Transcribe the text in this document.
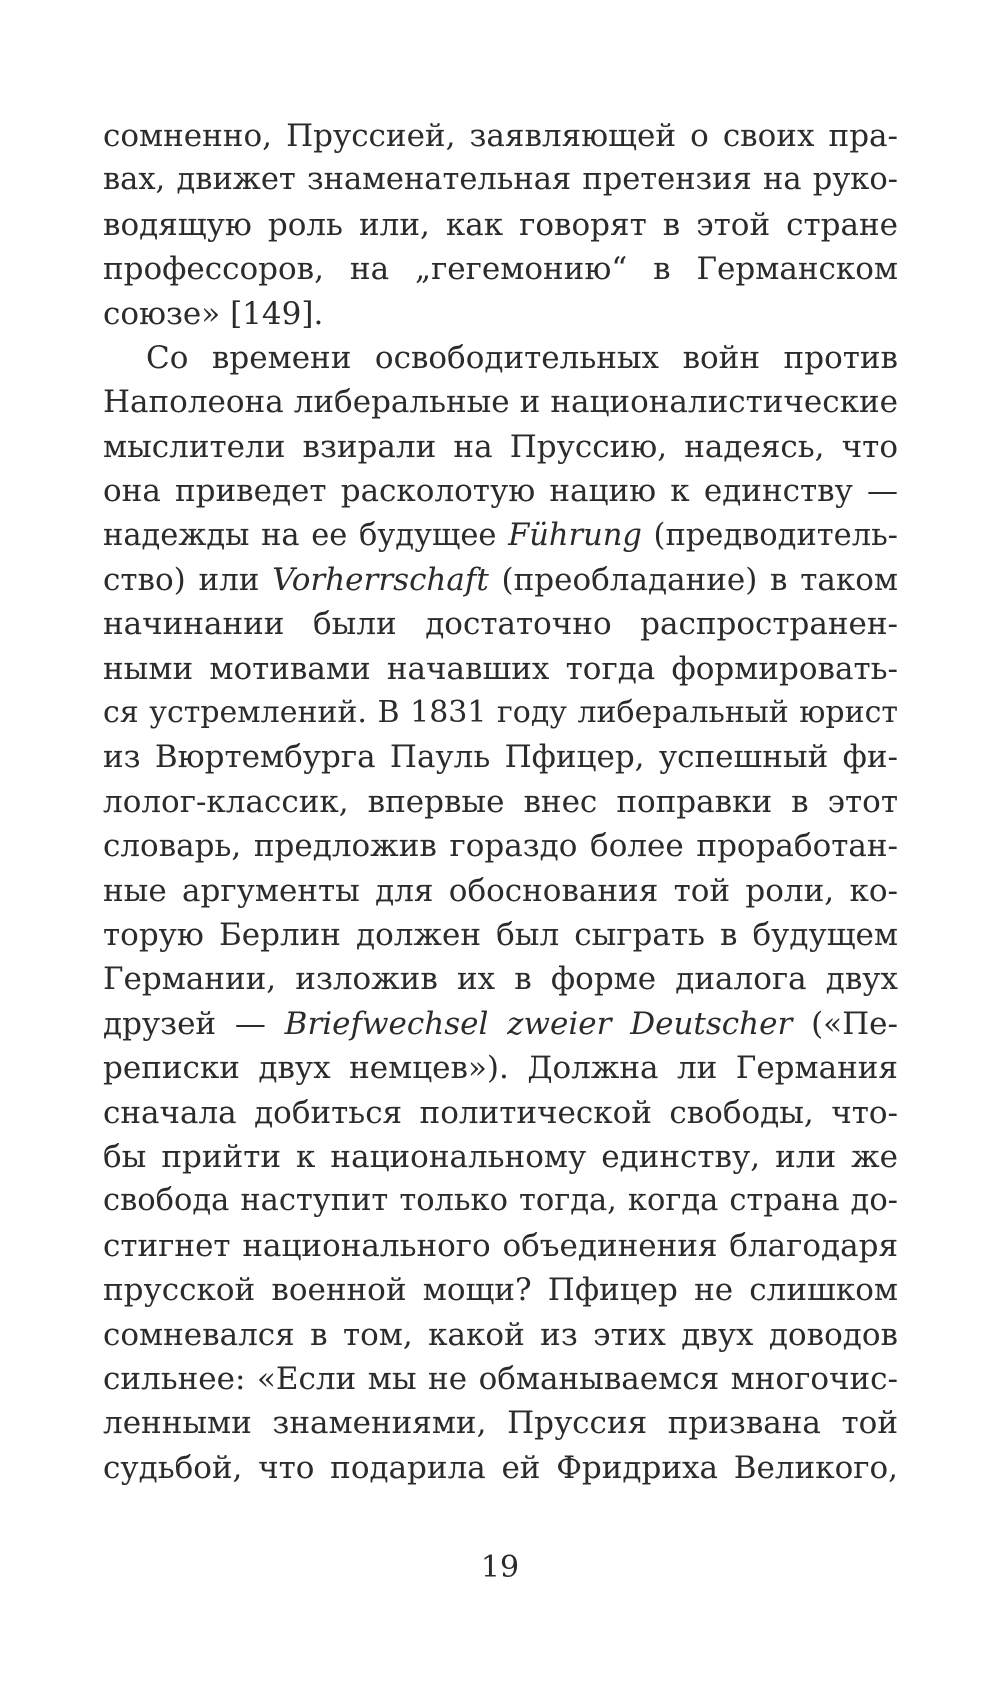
сомненно, Пруссией, заявляющей о своих пра-
вах, движет знаменательная претензия на руко-
водящую роль или, как говорят в этой стране
профессоров, на „гегемонию“ в Германском
союзе» [149].
Со времени освободительных войн против
Наполеона либеральные и националистические
мыслители взирали на Пруссию, надеясь, что
она приведет расколотую нацию к единству —
надежды на ее будущее Führung (предводитель-
ство) или Vorherrschaft (преобладание) в таком
начинании были достаточно распространен-
ными мотивами начавших тогда формировать-
ся устремлений. В 1831 году либеральный юрист
из Вюртембурга Пауль Пфицер, успешный фи-
лолог-классик, впервые внес поправки в этот
словарь, предложив гораздо более проработан-
ные аргументы для обоснования той роли, ко-
торую Берлин должен был сыграть в будущем
Германии, изложив их в форме диалога двух
друзей — Briefwechsel zweier Deutscher («Пе-
реписки двух немцев»). Должна ли Германия
сначала добиться политической свободы, что-
бы прийти к национальному единству, или же
свобода наступит только тогда, когда страна до-
стигнет национального объединения благодаря
прусской военной мощи? Пфицер не слишком
сомневался в том, какой из этих двух доводов
сильнее: «Если мы не обманываемся многочис-
ленными знамениями, Пруссия призвана той
судьбой, что подарила ей Фридриха Великого,
19
